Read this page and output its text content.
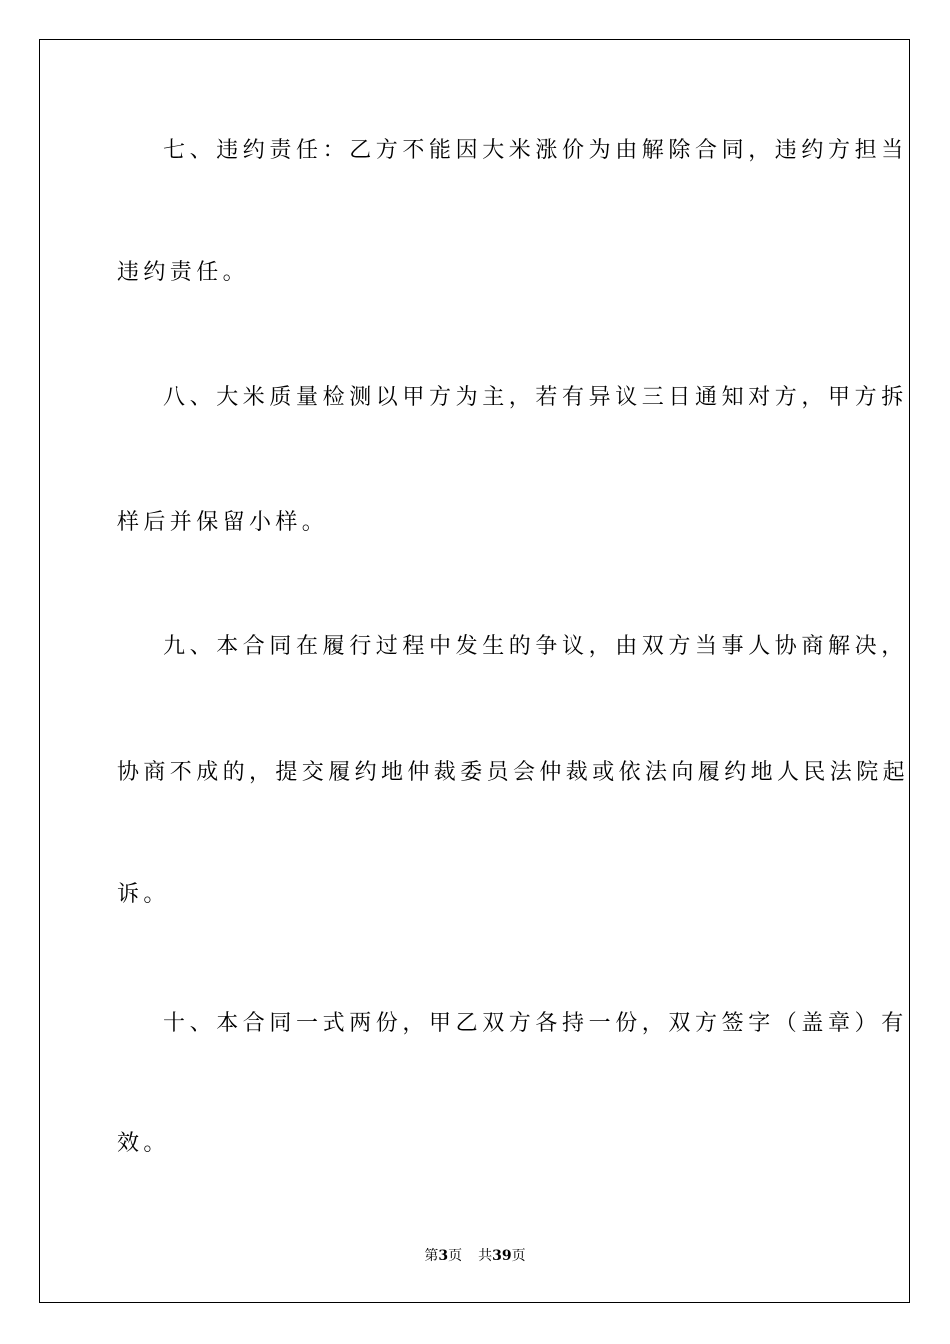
七、违约责任：乙方不能因大米涨价为由解除合同，违约方担当
违约责任。
八、大米质量检测以甲方为主，若有异议三日通知对方，甲方拆
样后并保留小样。
九、本合同在履行过程中发生的争议，由双方当事人协商解决，
协商不成的，提交履约地仲裁委员会仲裁或依法向履约地人民法院起
诉。
十、本合同一式两份，甲乙双方各持一份，双方签字（盖章）有
效。
第3页 共39页
